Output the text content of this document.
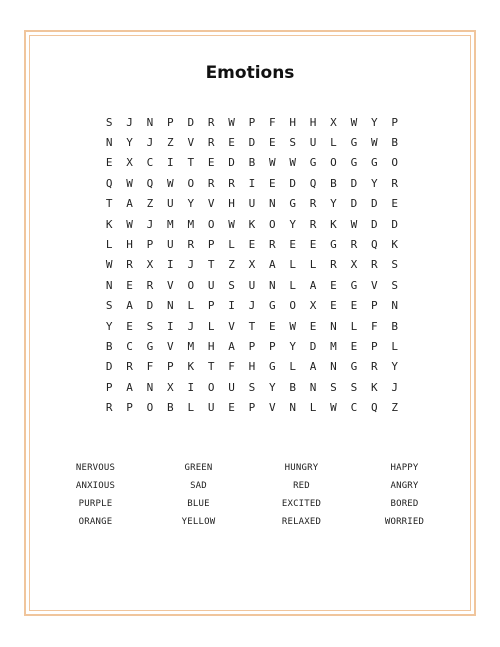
Emotions
S	J	N	P	D	R	W	P	F	H	H	X	W	Y	P
N	Y	J	Z	V	R	E	D	E	S	U	L	G	W	B
E	X	C	I	T	E	D	B	W	W	G	O	G	G	O
Q	W	Q	W	O	R	R	I	E	D	Q	B	D	Y	R
T	A	Z	U	Y	V	H	U	N	G	R	Y	D	D	E
K	W	J	M	M	O	W	K	O	Y	R	K	W	D	D
L	H	P	U	R	P	L	E	R	E	E	G	R	Q	K
W	R	X	I	J	T	Z	X	A	L	L	R	X	R	S
N	E	R	V	O	U	S	U	N	L	A	E	G	V	S
S	A	D	N	L	P	I	J	G	O	X	E	E	P	N
Y	E	S	I	J	L	V	T	E	W	E	N	L	F	B
B	C	G	V	M	H	A	P	P	Y	D	M	E	P	L
D	R	F	P	K	T	F	H	G	L	A	N	G	R	Y
P	A	N	X	I	O	U	S	Y	B	N	S	S	K	J
R	P	O	B	L	U	E	P	V	N	L	W	C	Q	Z
NERVOUS	GREEN	HUNGRY	HAPPY
ANXIOUS	SAD	RED	ANGRY
PURPLE	BLUE	EXCITED	BORED
ORANGE	YELLOW	RELAXED	WORRIED
